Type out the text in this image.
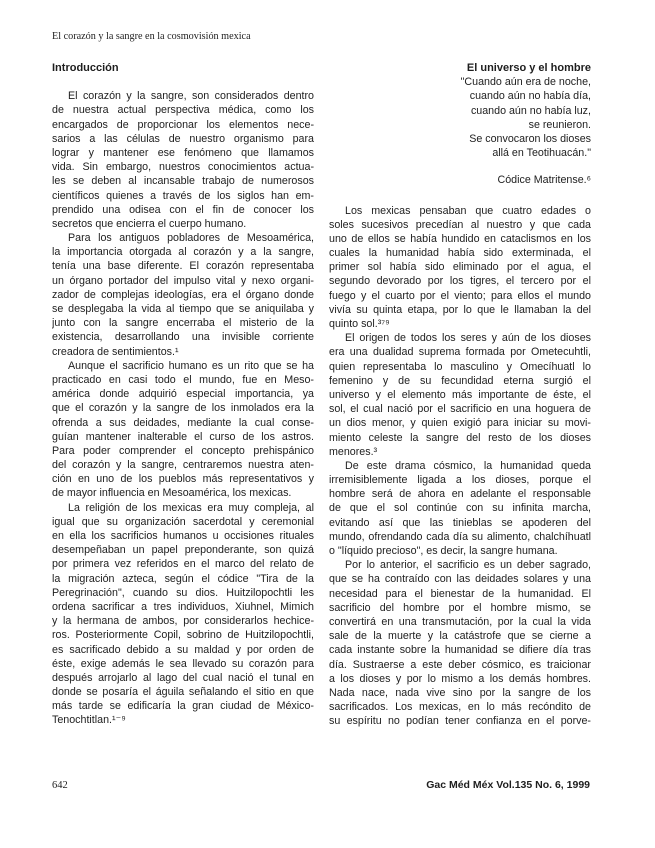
El corazón y la sangre en la cosmovisión mexica
Introducción
El corazón y la sangre, son considerados dentro
de nuestra actual perspectiva médica, como los
encargados de proporcionar los elementos nece-
sarios a las células de nuestro organismo para
lograr y mantener ese fenómeno que llamamos
vida. Sin embargo, nuestros conocimientos actua-
les se deben al incansable trabajo de numerosos
científicos quienes a través de los siglos han em-
prendido una odisea con el fin de conocer los
secretos que encierra el cuerpo humano.
Para los antiguos pobladores de Mesoamérica,
la importancia otorgada al corazón y a la sangre,
tenía una base diferente. El corazón representaba
un órgano portador del impulso vital y nexo organi-
zador de complejas ideologías, era el órgano donde
se desplegaba la vida al tiempo que se aniquilaba y
junto con la sangre encerraba el misterio de la
existencia, desarrollando una invisible corriente
creadora de sentimientos.¹
Aunque el sacrificio humano es un rito que se ha
practicado en casi todo el mundo, fue en Meso-
américa donde adquirió especial importancia, ya
que el corazón y la sangre de los inmolados era la
ofrenda a sus deidades, mediante la cual conse-
guían mantener inalterable el curso de los astros.
Para poder comprender el concepto prehispánico
del corazón y la sangre, centraremos nuestra aten-
ción en uno de los pueblos más representativos y
de mayor influencia en Mesoamérica, los mexicas.
La religión de los mexicas era muy compleja, al
igual que su organización sacerdotal y ceremonial
en ella los sacrificios humanos u occisiones rituales
desempeñaban un papel preponderante, son quizá
por primera vez referidos en el marco del relato de
la migración azteca, según el códice "Tira de la
Peregrinación", cuando su dios. Huitzilopochtli les
ordena sacrificar a tres individuos, Xiuhnel, Mimich
y la hermana de ambos, por considerarlos hechice-
ros. Posteriormente Copil, sobrino de Huitzilopochtli,
es sacrificado debido a su maldad y por orden de
éste, exige además le sea llevado su corazón para
después arrojarlo al lago del cual nació el tunal en
donde se posaría el águila señalando el sitio en que
más tarde se edificaría la gran ciudad de México-
Tenochtitlan.¹⁻⁹
El universo y el hombre
"Cuando aún era de noche,
cuando aún no había día,
cuando aún no había luz,
se reunieron.
Se convocaron los dioses
allá en Teotihuacán."
Códice Matritense.⁶
Los mexicas pensaban que cuatro edades o
soles sucesivos precedían al nuestro y que cada
uno de ellos se había hundido en cataclismos en los
cuales la humanidad había sido exterminada, el
primer sol había sido eliminado por el agua, el
segundo devorado por los tigres, el tercero por el
fuego y el cuarto por el viento; para ellos el mundo
vivía su quinta etapa, por lo que le llamaban la del
quinto sol.³⁷⁹
El origen de todos los seres y aún de los dioses
era una dualidad suprema formada por Ometecuhtli,
quien representaba lo masculino y Omecíhuatl lo
femenino y de su fecundidad eterna surgió el
universo y el elemento más importante de éste, el
sol, el cual nació por el sacrificio en una hoguera de
un dios menor, y quien exigió para iniciar su movi-
miento celeste la sangre del resto de los dioses
menores.³
De este drama cósmico, la humanidad queda
irremisiblemente ligada a los dioses, porque el
hombre será de ahora en adelante el responsable
de que el sol continúe con su infinita marcha,
evitando así que las tinieblas se apoderen del
mundo, ofrendando cada día su alimento, chalchíhuatl
o "líquido precioso", es decir, la sangre humana.
Por lo anterior, el sacrificio es un deber sagrado,
que se ha contraído con las deidades solares y una
necesidad para el bienestar de la humanidad. El
sacrificio del hombre por el hombre mismo, se
convertirá en una transmutación, por la cual la vida
sale de la muerte y la catástrofe que se cierne a
cada instante sobre la humanidad se difiere día tras
día. Sustraerse a este deber cósmico, es traicionar
a los dioses y por lo mismo a los demás hombres.
Nada nace, nada vive sino por la sangre de los
sacrificados. Los mexicas, en lo más recóndito de
su espíritu no podían tener confianza en el porve-
642	Gac Méd Méx Vol.135 No. 6, 1999
